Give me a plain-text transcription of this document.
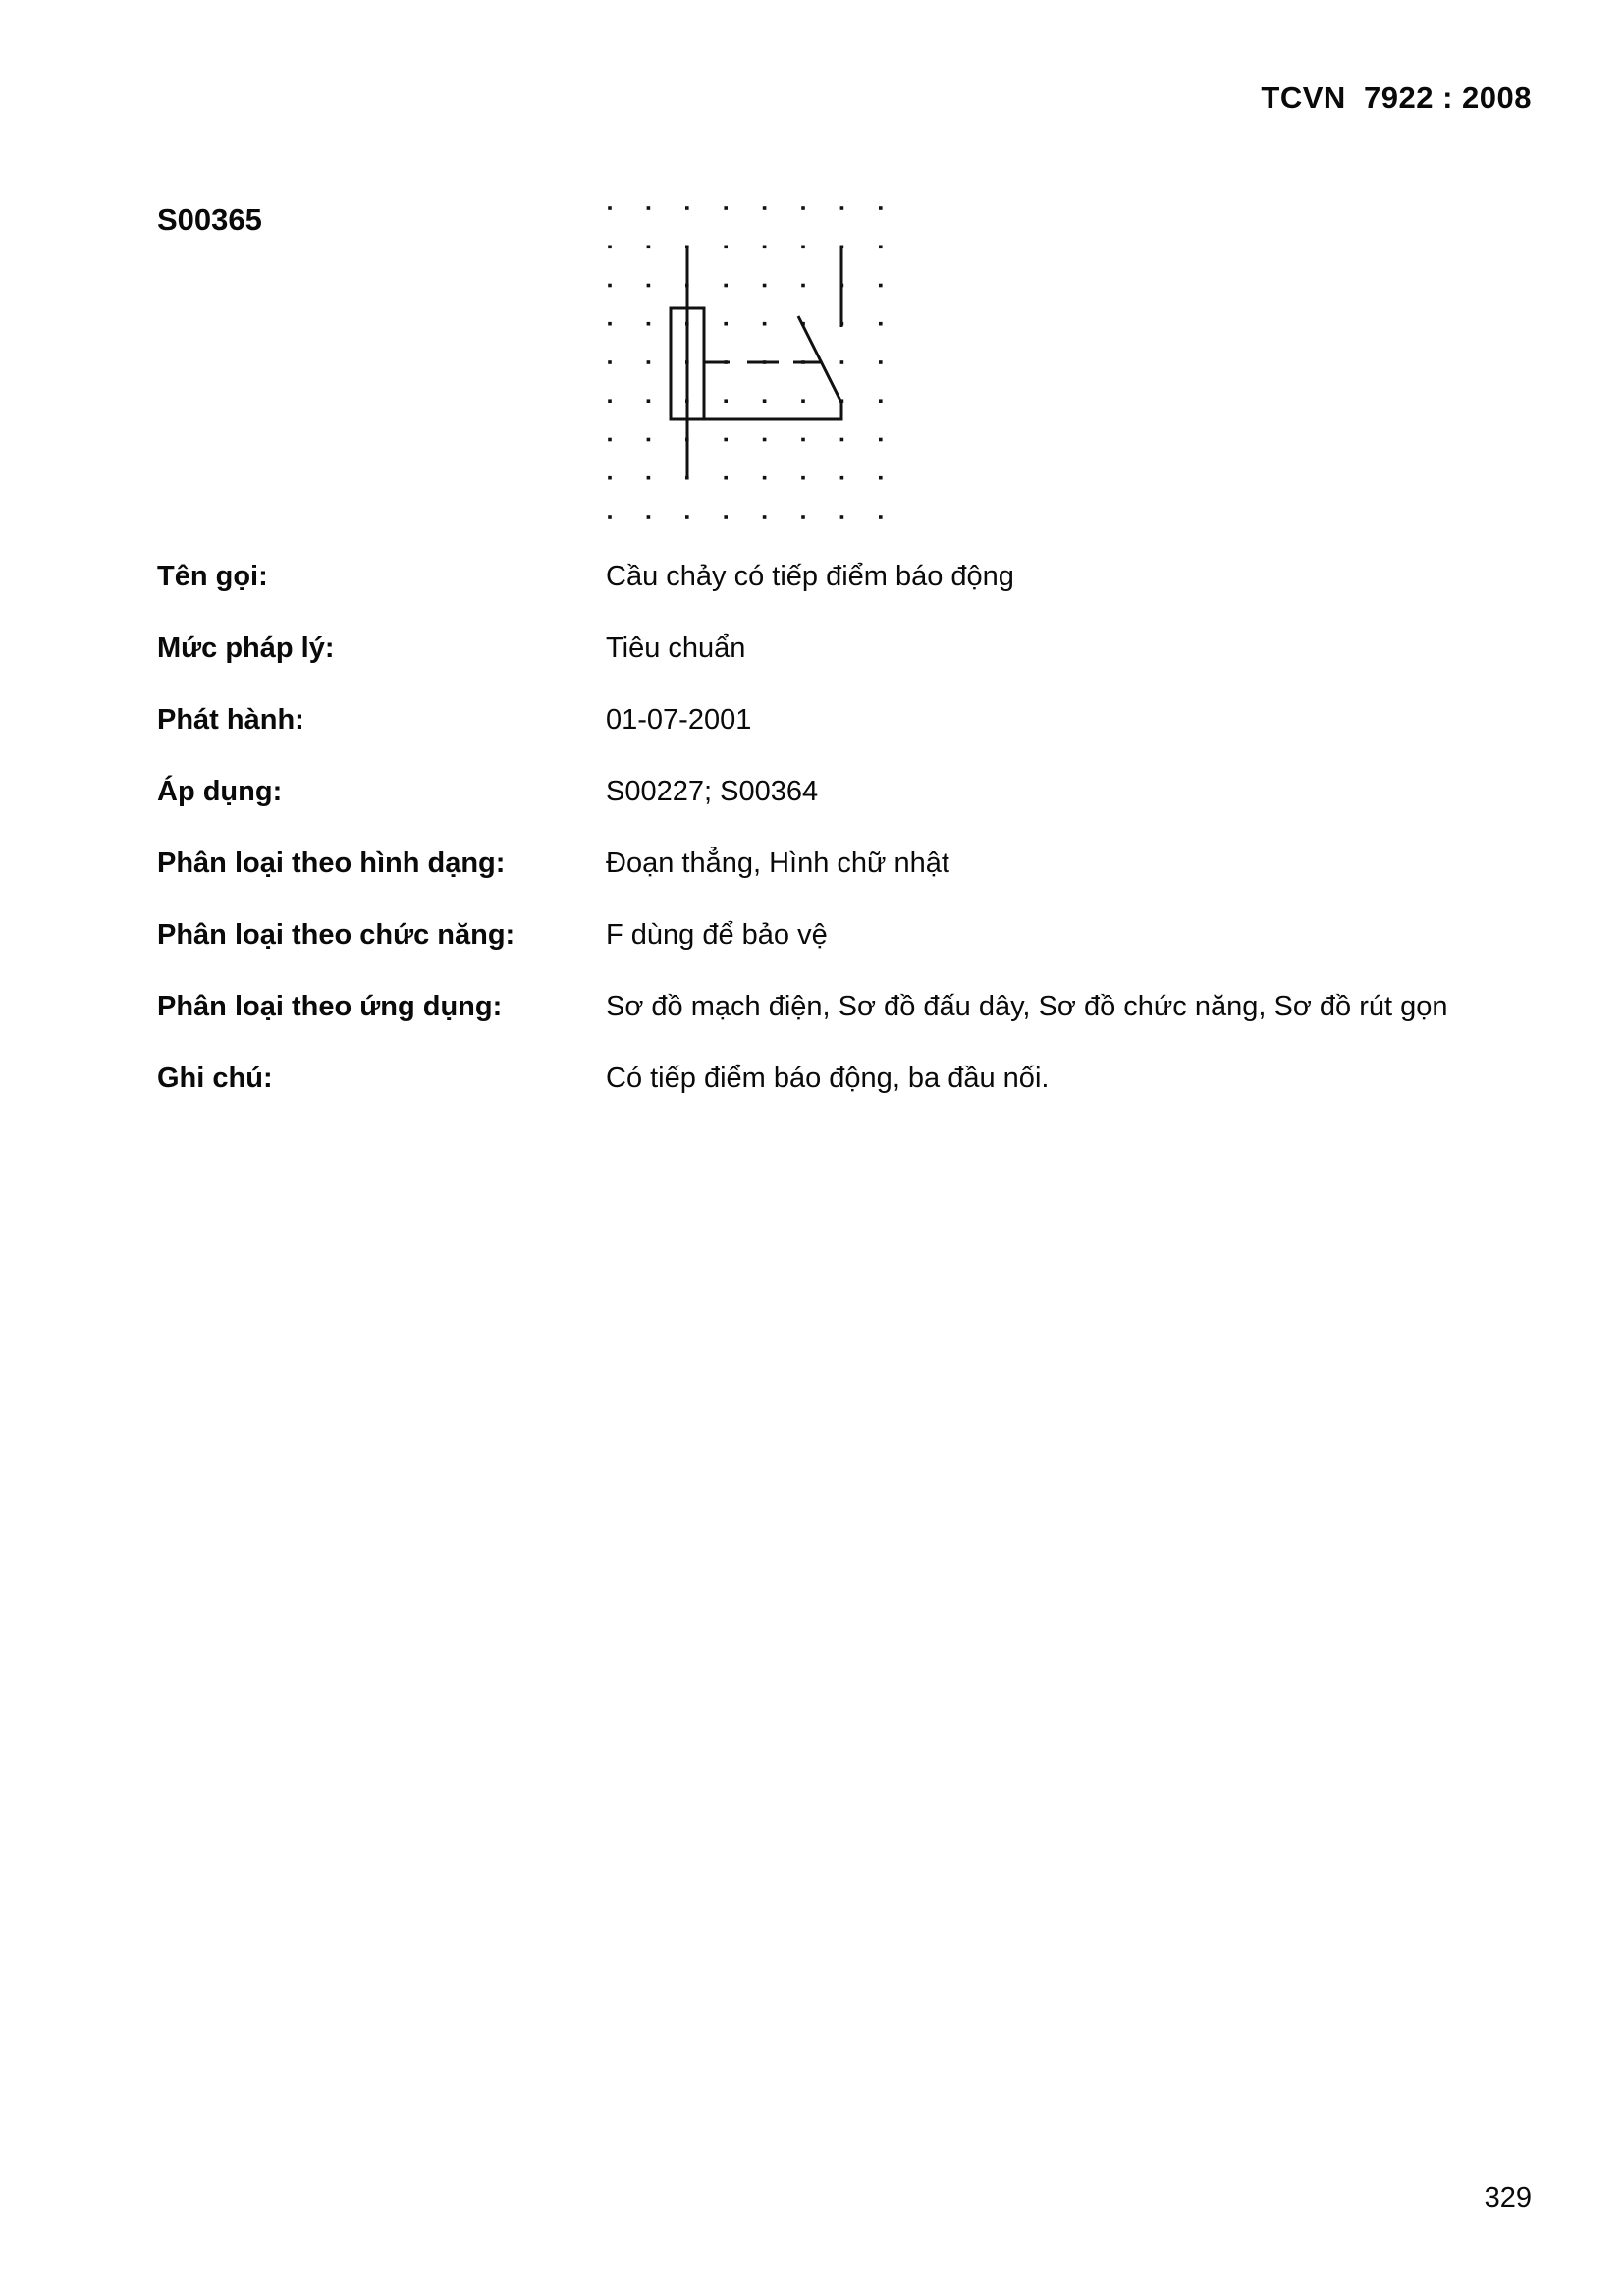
TCVN  7922 : 2008
S00365
Tên gọi:	Cầu chảy có tiếp điểm báo động
Mức pháp lý:	Tiêu chuẩn
Phát hành:	01-07-2001
Áp dụng:	S00227; S00364
Phân loại theo hình dạng:	Đoạn thẳng, Hình chữ nhật
Phân loại theo chức năng:	F dùng để bảo vệ
Phân loại theo ứng dụng:	Sơ đồ mạch điện, Sơ đồ đấu dây, Sơ đồ chức năng, Sơ đồ rút gọn
Ghi chú:	Có tiếp điểm báo động, ba đầu nối.
329
